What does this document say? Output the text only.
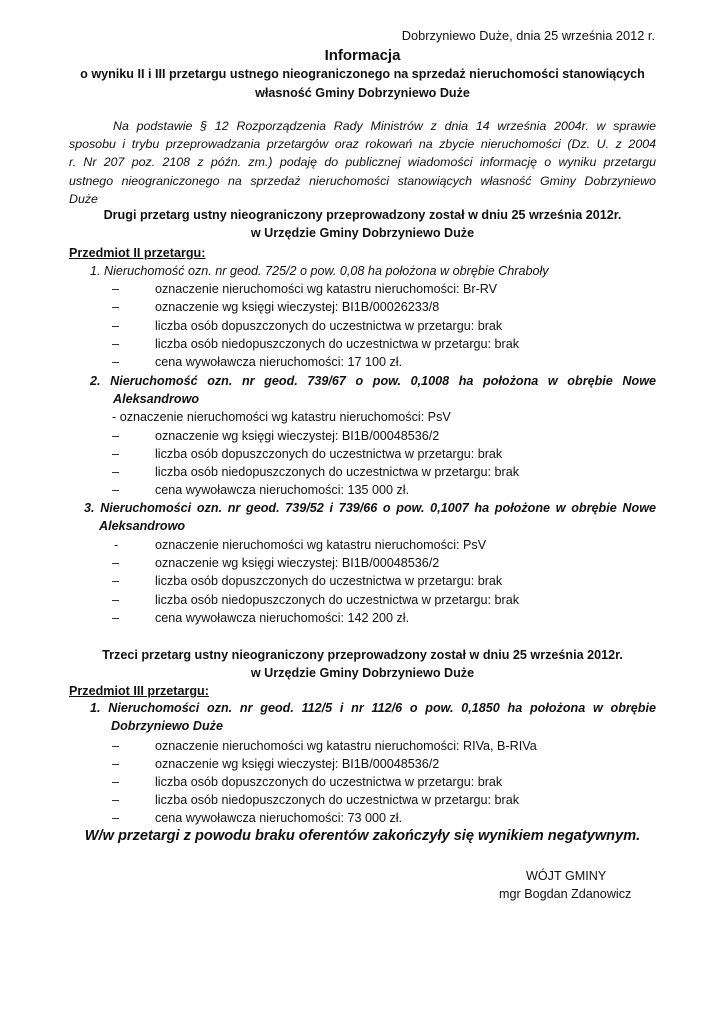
Dobrzyniewo Duże, dnia 25 września 2012 r.
Informacja
o wyniku II i III przetargu ustnego nieograniczonego na sprzedaż nieruchomości stanowiących
własność Gminy Dobrzyniewo Duże
Na podstawie § 12 Rozporządzenia Rady Ministrów z dnia 14 września 2004r. w sprawie
sposobu i trybu przeprowadzania przetargów oraz rokowań na zbycie nieruchomości (Dz. U. z 2004
r. Nr 207 poz. 2108 z późn. zm.) podaję do publicznej wiadomości informację o wyniku przetargu
ustnego nieograniczonego na sprzedaż nieruchomości stanowiących własność Gminy Dobrzyniewo
Duże
Drugi przetarg ustny nieograniczony przeprowadzony został w dniu 25 września 2012r.
w Urzędzie Gminy Dobrzyniewo Duże
Przedmiot II przetargu:
1. Nieruchomość ozn. nr geod. 725/2 o pow. 0,08 ha położona w obrębie Chraboły
–	oznaczenie nieruchomości wg katastru nieruchomości: Br-RV
–	oznaczenie wg księgi wieczystej: BI1B/00026233/8
–	liczba osób dopuszczonych do uczestnictwa w przetargu: brak
–	liczba osób niedopuszczonych do uczestnictwa w przetargu: brak
–	cena wywoławcza nieruchomości: 17 100 zł.
2. Nieruchomość ozn. nr geod. 739/67 o pow. 0,1008 ha położona w obrębie Nowe
Aleksandrowo
- oznaczenie nieruchomości wg katastru nieruchomości: PsV
–	oznaczenie wg księgi wieczystej: BI1B/00048536/2
–	liczba osób dopuszczonych do uczestnictwa w przetargu: brak
–	liczba osób niedopuszczonych do uczestnictwa w przetargu: brak
–	cena wywoławcza nieruchomości: 135 000 zł.
3. Nieruchomości ozn. nr geod. 739/52 i 739/66 o pow. 0,1007 ha położone w obrębie Nowe
Aleksandrowo
-	oznaczenie nieruchomości wg katastru nieruchomości: PsV
–	oznaczenie wg księgi wieczystej: BI1B/00048536/2
–	liczba osób dopuszczonych do uczestnictwa w przetargu: brak
–	liczba osób niedopuszczonych do uczestnictwa w przetargu: brak
–	cena wywoławcza nieruchomości: 142 200 zł.
Trzeci przetarg ustny nieograniczony przeprowadzony został w dniu 25 września 2012r.
w Urzędzie Gminy Dobrzyniewo Duże
Przedmiot III przetargu:
1. Nieruchomości ozn. nr geod. 112/5 i nr 112/6 o pow. 0,1850 ha położona w obrębie
Dobrzyniewo Duże
–	oznaczenie nieruchomości wg katastru nieruchomości: RIVa, B-RIVa
–	oznaczenie wg księgi wieczystej: BI1B/00048536/2
–	liczba osób dopuszczonych do uczestnictwa w przetargu: brak
–	liczba osób niedopuszczonych do uczestnictwa w przetargu: brak
–	cena wywoławcza nieruchomości: 73 000 zł.
W/w przetargi z powodu braku oferentów zakończyły się wynikiem negatywnym.
WÓJT GMINY
mgr Bogdan Zdanowicz
